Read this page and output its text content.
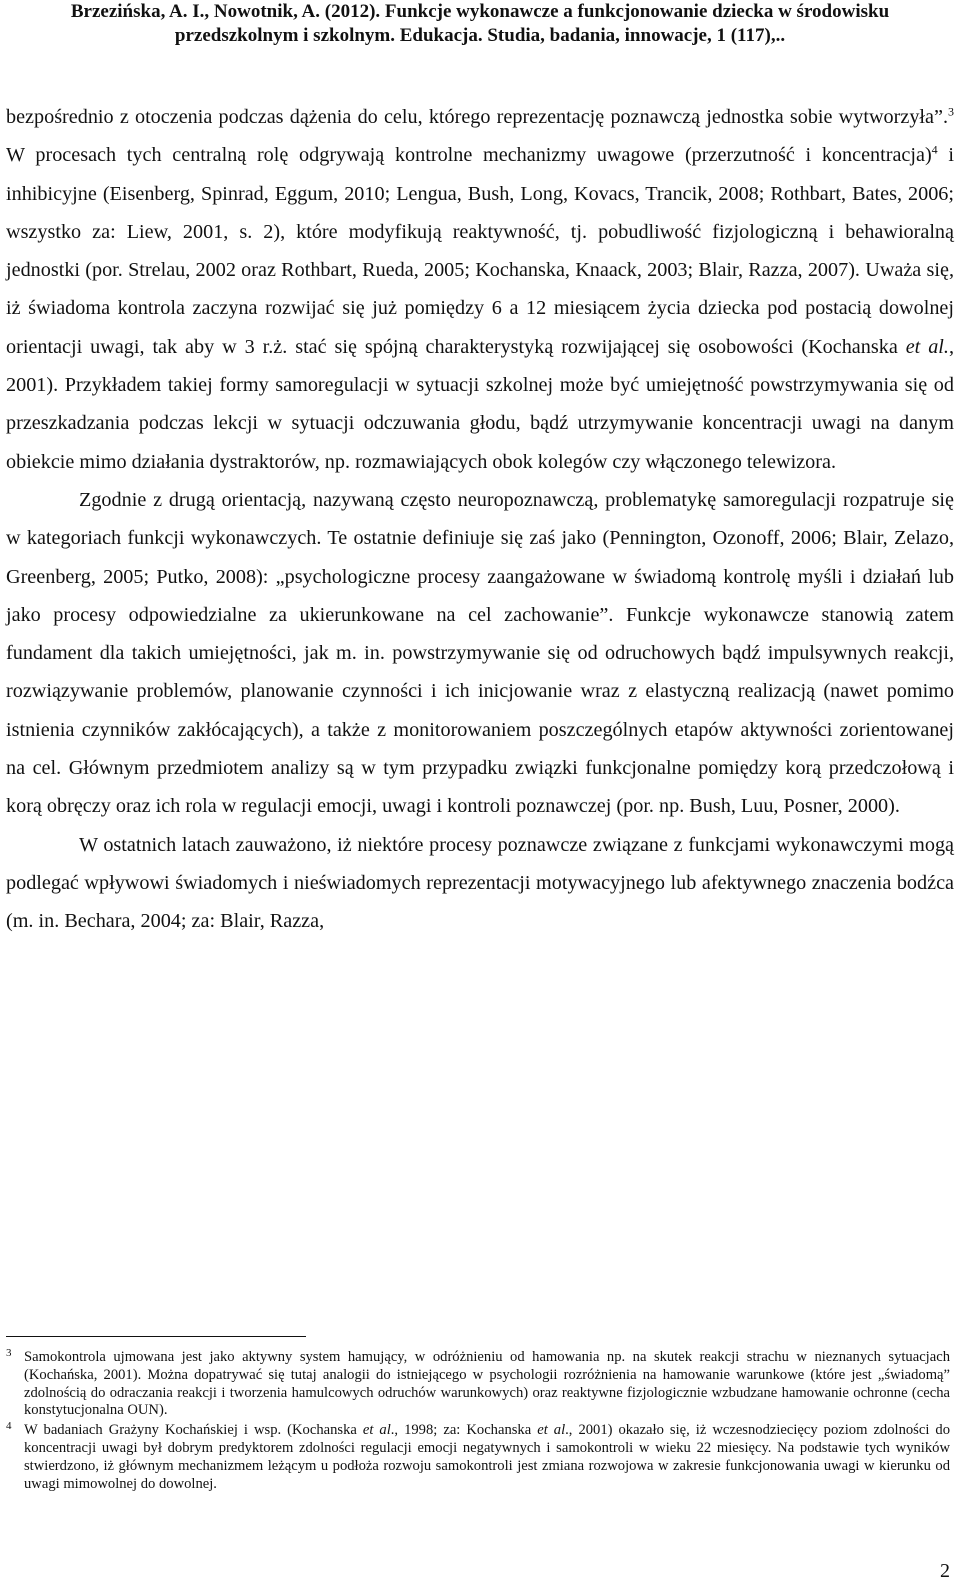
Brzezińska, A. I., Nowotnik, A. (2012). Funkcje wykonawcze a funkcjonowanie dziecka w środowisku
przedszkolnym i szkolnym. Edukacja. Studia, badania, innowacje, 1 (117),..

bezpośrednio z otoczenia podczas dążenia do celu, którego reprezentację poznawczą jednostka sobie wytworzyła”.$^3$ W procesach tych centralną rolę odgrywają kontrolne mechanizmy uwagowe (przerzutność i koncentracja)$^4$ i inhibicyjne (Eisenberg, Spinrad, Eggum, 2010; Lengua, Bush, Long, Kovacs, Trancik, 2008; Rothbart, Bates, 2006; wszystko za: Liew, 2001, s. 2), które modyfikują reaktywność, tj. pobudliwość fizjologiczną i behawioralną jednostki (por. Strelau, 2002 oraz Rothbart, Rueda, 2005; Kochanska, Knaack, 2003; Blair, Razza, 2007). Uważa się, iż świadoma kontrola zaczyna rozwijać się już pomiędzy 6 a 12 miesiącem życia dziecka pod postacią dowolnej orientacji uwagi, tak aby w 3 r.ż. stać się spójną charakterystyką rozwijającej się osobowości (Kochanska et al., 2001). Przykładem takiej formy samoregulacji w sytuacji szkolnej może być umiejętność powstrzymywania się od przeszkadzania podczas lekcji w sytuacji odczuwania głodu, bądź utrzymywanie koncentracji uwagi na danym obiekcie mimo działania dystraktorów, np. rozmawiających obok kolegów czy włączonego telewizora.

Zgodnie z drugą orientacją, nazywaną często neuropoznawczą, problematykę samoregulacji rozpatruje się w kategoriach funkcji wykonawczych. Te ostatnie definiuje się zaś jako (Pennington, Ozonoff, 2006; Blair, Zelazo, Greenberg, 2005; Putko, 2008): „psychologiczne procesy zaangażowane w świadomą kontrolę myśli i działań lub jako procesy odpowiedzialne za ukierunkowane na cel zachowanie”. Funkcje wykonawcze stanowią zatem fundament dla takich umiejętności, jak m. in. powstrzymywanie się od odruchowych bądź impulsywnych reakcji, rozwiązywanie problemów, planowanie czynności i ich inicjowanie wraz z elastyczną realizacją (nawet pomimo istnienia czynników zakłócających), a także z monitorowaniem poszczególnych etapów aktywności zorientowanej na cel. Głównym przedmiotem analizy są w tym przypadku związki funkcjonalne pomiędzy korą przedczołową i korą obręczy oraz ich rola w regulacji emocji, uwagi i kontroli poznawczej (por. np. Bush, Luu, Posner, 2000).

W ostatnich latach zauważono, iż niektóre procesy poznawcze związane z funkcjami wykonawczymi mogą podlegać wpływowi świadomych i nieświadomych reprezentacji motywacyjnego lub afektywnego znaczenia bodźca (m. in. Bechara, 2004; za: Blair, Razza,

3 Samokontrola ujmowana jest jako aktywny system hamujący, w odróżnieniu od hamowania np. na skutek reakcji strachu w nieznanych sytuacjach (Kochańska, 2001). Można dopatrywać się tutaj analogii do istniejącego w psychologii rozróżnienia na hamowanie warunkowe (które jest „świadomą” zdolnością do odraczania reakcji i tworzenia hamulcowych odruchów warunkowych) oraz reaktywne fizjologicznie wzbudzane hamowanie ochronne (cecha konstytucjonalna OUN).
4 W badaniach Grażyny Kochańskiej i wsp. (Kochanska et al., 1998; za: Kochanska et al., 2001) okazało się, iż wczesnodziecięcy poziom zdolności do koncentracji uwagi był dobrym predyktorem zdolności regulacji emocji negatywnych i samokontroli w wieku 22 miesięcy. Na podstawie tych wyników stwierdzono, iż głównym mechanizmem leżącym u podłoża rozwoju samokontroli jest zmiana rozwojowa w zakresie funkcjonowania uwagi w kierunku od uwagi mimowolnej do dowolnej.
2
